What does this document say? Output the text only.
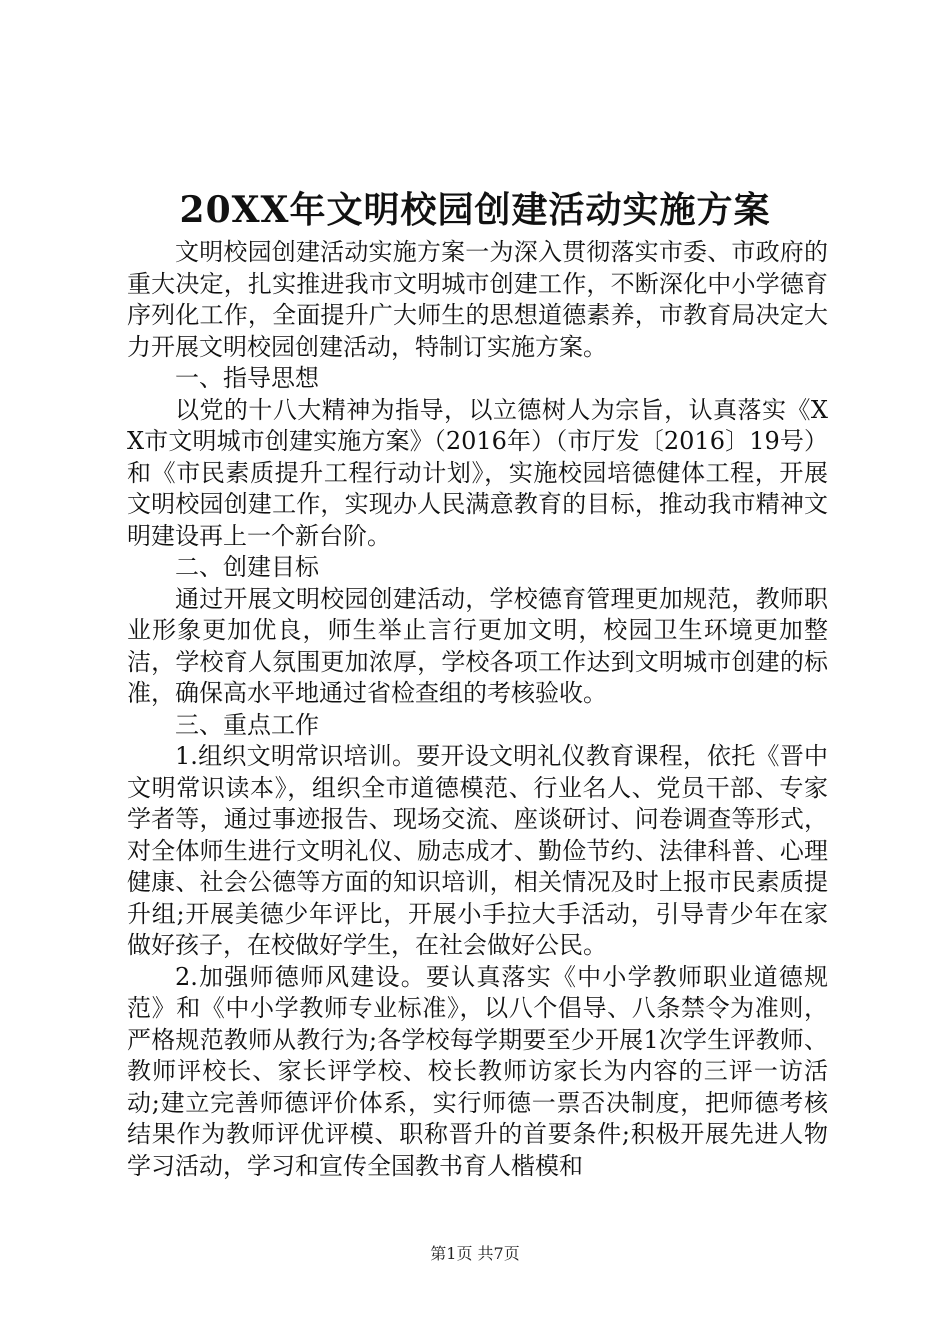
20XX年文明校园创建活动实施方案

文明校园创建活动实施方案一为深入贯彻落实市委、市政府的重大决定，扎实推进我市文明城市创建工作，不断深化中小学德育序列化工作，全面提升广大师生的思想道德素养，市教育局决定大力开展文明校园创建活动，特制订实施方案。

一、指导思想

以党的十八大精神为指导，以立德树人为宗旨，认真落实《XX市文明城市创建实施方案》（2016年）（市厅发〔2016〕19号）和《市民素质提升工程行动计划》，实施校园培德健体工程，开展文明校园创建工作，实现办人民满意教育的目标，推动我市精神文明建设再上一个新台阶。

二、创建目标

通过开展文明校园创建活动，学校德育管理更加规范，教师职业形象更加优良，师生举止言行更加文明，校园卫生环境更加整洁，学校育人氛围更加浓厚，学校各项工作达到文明城市创建的标准，确保高水平地通过省检查组的考核验收。

三、重点工作

1.组织文明常识培训。要开设文明礼仪教育课程，依托《晋中文明常识读本》，组织全市道德模范、行业名人、党员干部、专家学者等，通过事迹报告、现场交流、座谈研讨、问卷调查等形式，对全体师生进行文明礼仪、励志成才、勤俭节约、法律科普、心理健康、社会公德等方面的知识培训，相关情况及时上报市民素质提升组;开展美德少年评比，开展小手拉大手活动，引导青少年在家做好孩子，在校做好学生，在社会做好公民。

2.加强师德师风建设。要认真落实《中小学教师职业道德规范》和《中小学教师专业标准》，以八个倡导、八条禁令为准则，严格规范教师从教行为;各学校每学期要至少开展1次学生评教师、教师评校长、家长评学校、校长教师访家长为内容的三评一访活动;建立完善师德评价体系，实行师德一票否决制度，把师德考核结果作为教师评优评模、职称晋升的首要条件;积极开展先进人物学习活动，学习和宣传全国教书育人楷模和

第1页 共7页
